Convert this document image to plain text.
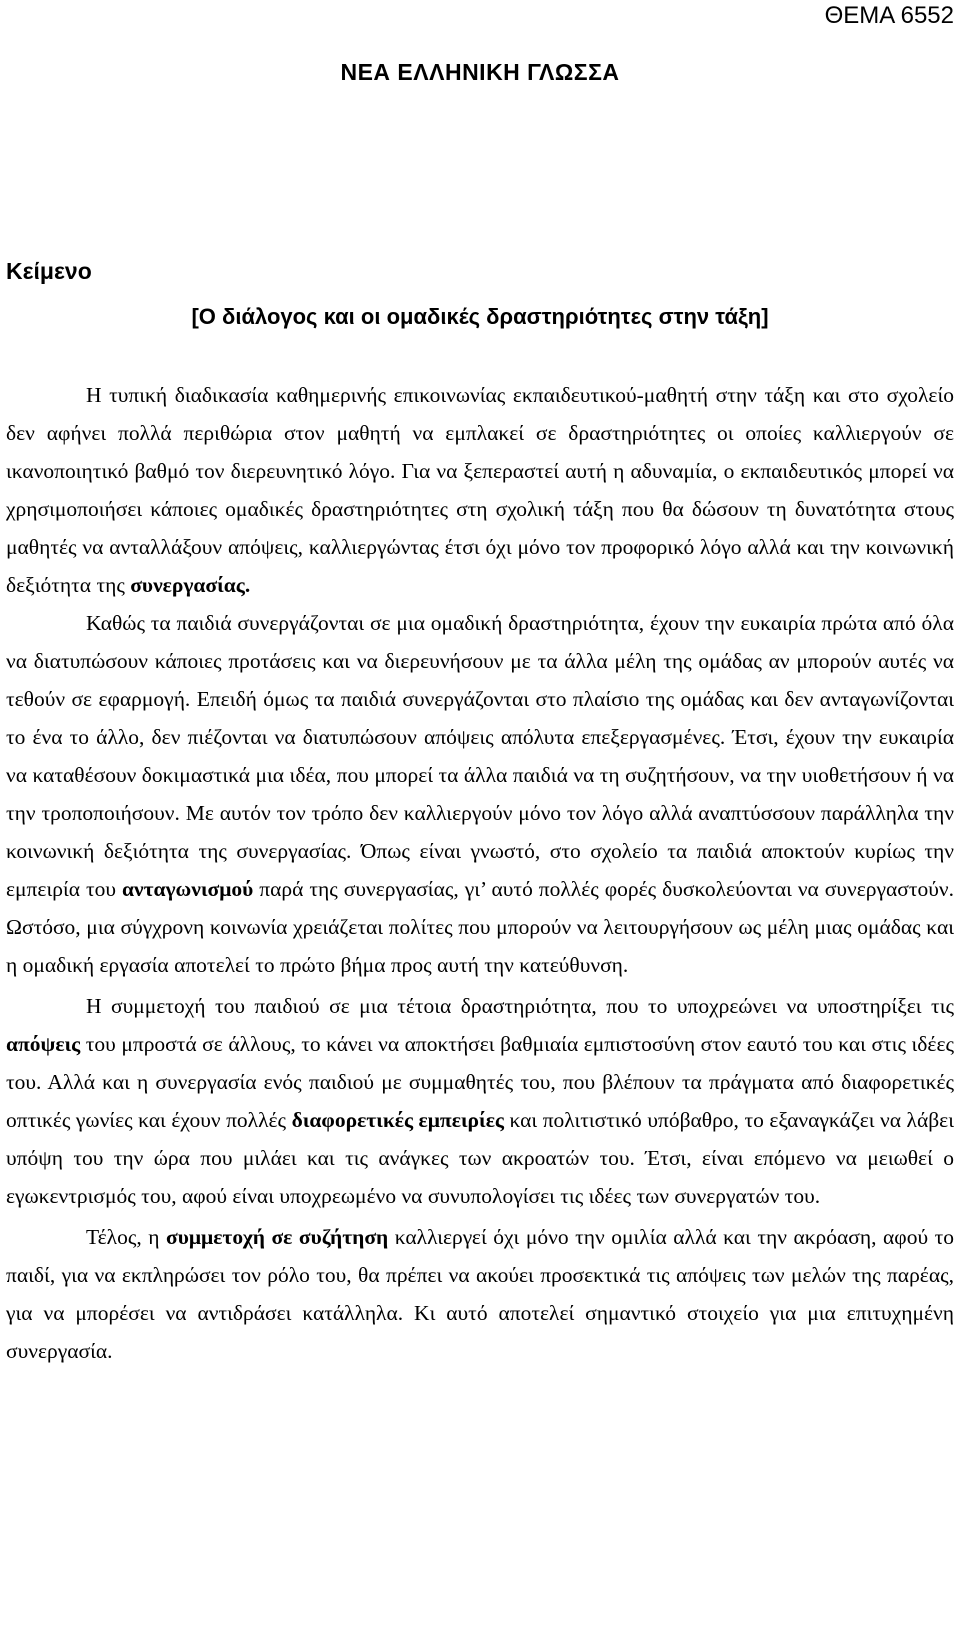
ΘΕΜΑ 6552
ΝΕΑ ΕΛΛΗΝΙΚΗ ΓΛΩΣΣΑ
Κείμενο
[Ο διάλογος και οι ομαδικές δραστηριότητες στην τάξη]

Η τυπική διαδικασία καθημερινής επικοινωνίας εκπαιδευτικού-μαθητή στην τάξη και στο σχολείο δεν αφήνει πολλά περιθώρια στον μαθητή να εμπλακεί σε δραστηριότητες οι οποίες καλλιεργούν σε ικανοποιητικό βαθμό τον διερευνητικό λόγο. Για να ξεπεραστεί αυτή η αδυναμία, ο εκπαιδευτικός μπορεί να χρησιμοποιήσει κάποιες ομαδικές δραστηριότητες στη σχολική τάξη που θα δώσουν τη δυνατότητα στους μαθητές να ανταλλάξουν απόψεις, καλλιεργώντας έτσι όχι μόνο τον προφορικό λόγο αλλά και την κοινωνική δεξιότητα της συνεργασίας.

Καθώς τα παιδιά συνεργάζονται σε μια ομαδική δραστηριότητα, έχουν την ευκαιρία πρώτα από όλα να διατυπώσουν κάποιες προτάσεις και να διερευνήσουν με τα άλλα μέλη της ομάδας αν μπορούν αυτές να τεθούν σε εφαρμογή. Επειδή όμως τα παιδιά συνεργάζονται στο πλαίσιο της ομάδας και δεν ανταγωνίζονται το ένα το άλλο, δεν πιέζονται να διατυπώσουν απόψεις απόλυτα επεξεργασμένες. Έτσι, έχουν την ευκαιρία να καταθέσουν δοκιμαστικά μια ιδέα, που μπορεί τα άλλα παιδιά να τη συζητήσουν, να την υιοθετήσουν ή να την τροποποιήσουν. Με αυτόν τον τρόπο δεν καλλιεργούν μόνο τον λόγο αλλά αναπτύσσουν παράλληλα την κοινωνική δεξιότητα της συνεργασίας. Όπως είναι γνωστό, στο σχολείο τα παιδιά αποκτούν κυρίως την εμπειρία του ανταγωνισμού παρά της συνεργασίας, γι’ αυτό πολλές φορές δυσκολεύονται να συνεργαστούν. Ωστόσο, μια σύγχρονη κοινωνία χρειάζεται πολίτες που μπορούν να λειτουργήσουν ως μέλη μιας ομάδας και η ομαδική εργασία αποτελεί το πρώτο βήμα προς αυτή την κατεύθυνση.

Η συμμετοχή του παιδιού σε μια τέτοια δραστηριότητα, που το υποχρεώνει να υποστηρίξει τις απόψεις του μπροστά σε άλλους, το κάνει να αποκτήσει βαθμιαία εμπιστοσύνη στον εαυτό του και στις ιδέες του. Αλλά και η συνεργασία ενός παιδιού με συμμαθητές του, που βλέπουν τα πράγματα από διαφορετικές οπτικές γωνίες και έχουν πολλές διαφορετικές εμπειρίες και πολιτιστικό υπόβαθρο, το εξαναγκάζει να λάβει υπόψη του την ώρα που μιλάει και τις ανάγκες των ακροατών του. Έτσι, είναι επόμενο να μειωθεί ο εγωκεντρισμός του, αφού είναι υποχρεωμένο να συνυπολογίσει τις ιδέες των συνεργατών του.

Τέλος, η συμμετοχή σε συζήτηση καλλιεργεί όχι μόνο την ομιλία αλλά και την ακρόαση, αφού το παιδί, για να εκπληρώσει τον ρόλο του, θα πρέπει να ακούει προσεκτικά τις απόψεις των μελών της παρέας, για να μπορέσει να αντιδράσει κατάλληλα. Κι αυτό αποτελεί σημαντικό στοιχείο για μια επιτυχημένη συνεργασία.
